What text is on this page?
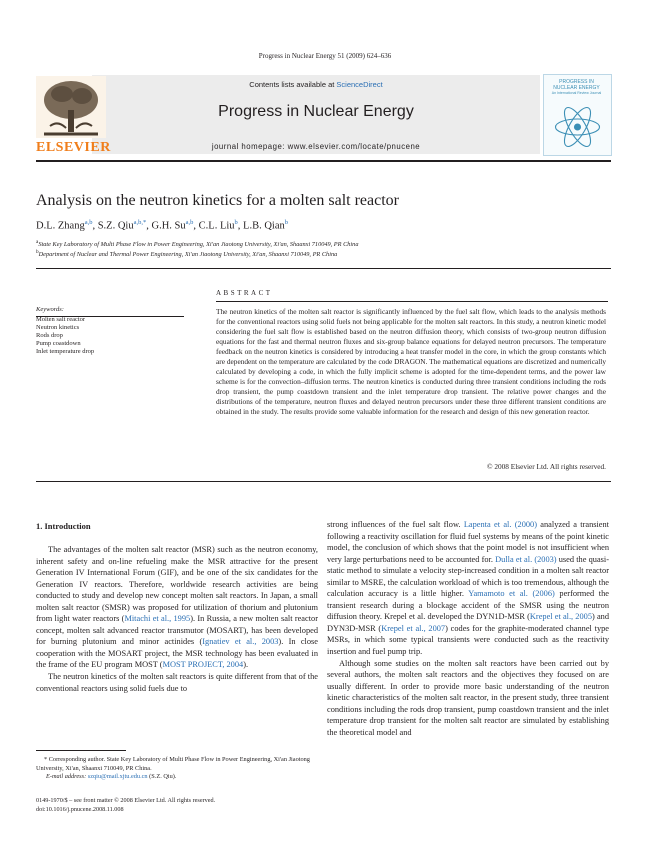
Progress in Nuclear Energy 51 (2009) 624–636
Contents lists available at ScienceDirect
Progress in Nuclear Energy
journal homepage: www.elsevier.com/locate/pnucene
ELSEVIER
PROGRESS IN
NUCLEAR ENERGY
An International Review Journal
Analysis on the neutron kinetics for a molten salt reactor
D.L. Zhang$^{a,b}$, S.Z. Qiu$^{a,b,*}$, G.H. Su$^{a,b}$, C.L. Liu$^b$, L.B. Qian$^b$
$^a$State Key Laboratory of Multi Phase Flow in Power Engineering, Xi'an Jiaotong University, Xi'an, Shaanxi 710049, PR China
$^b$Department of Nuclear and Thermal Power Engineering, Xi'an Jiaotong University, Xi'an, Shaanxi 710049, PR China
Keywords:
Molten salt reactor
Neutron kinetics
Rods drop
Pump coastdown
Inlet temperature drop
ABSTRACT
The neutron kinetics of the molten salt reactor is significantly influenced by the fuel salt flow, which leads to the analysis methods for the conventional reactors using solid fuels not being applicable for the molten salt reactors. In this study, a neutron kinetic model considering the fuel salt flow is established based on the neutron diffusion theory, which consists of two-group neutron diffusion equations for the fast and thermal neutron fluxes and six-group balance equations for delayed neutron precursors. The temperature feedback on the neutron kinetics is considered by introducing a heat transfer model in the core, in which the group constants which are dependent on the temperature are calculated by the code DRAGON. The mathematical equations are discretized and numerically calculated by developing a code, in which the fully implicit scheme is adopted for the time-dependent terms, and the power law scheme is for the convection–diffusion terms. The neutron kinetics is conducted during three transient conditions including the rods drop transient, the pump coastdown transient and the inlet temperature drop transient. The relative power changes and the distributions of the temperature, neutron fluxes and delayed neutron precursors under these three different transient conditions are obtained in the study. The results provide some valuable information for the research and design of this new generation reactor.
© 2008 Elsevier Ltd. All rights reserved.
1. Introduction

The advantages of the molten salt reactor (MSR) such as the neutron economy, inherent safety and on-line refueling make the MSR attractive for the present Generation IV International Forum (GIF), and be one of the six candidates for the Generation IV reactors. Therefore, worldwide research activities are being conducted to study and develop new concept molten salt reactors. In Japan, a small molten salt reactor (SMSR) was proposed for utilization of thorium and plutonium from light water reactors (Mitachi et al., 1995). In Russia, a new molten salt reactor concept, molten salt advanced reactor transmutor (MOSART), has been developed for burning plutonium and minor actinides (Ignatiev et al., 2003). In close cooperation with the MOSART project, the MSR technology has been evaluated in the frame of the EU program MOST (MOST PROJECT, 2004).

The neutron kinetics of the molten salt reactors is quite different from that of the conventional reactors using solid fuels due to

strong influences of the fuel salt flow. Lapenta et al. (2000) analyzed a transient following a reactivity oscillation for fluid fuel systems by means of the point kinetic model, the conclusion of which shows that the point model is not insufficient when very large perturbations need to be accounted for. Dulla et al. (2003) used the quasi-static method to simulate a velocity step-increased condition in a molten salt reactor similar to MSRE, the calculation workload of which is too tremendous, although the calculation accuracy is a little higher. Yamamoto et al. (2006) performed the transient research during a blockage accident of the SMSR using the neutron diffusion theory. Krepel et al. developed the DYN1D-MSR (Krepel et al., 2005) and DYN3D-MSR (Krepel et al., 2007) codes for the graphite-moderated channel type MSRs, in which some typical transients were conducted such as the reactivity insertion and fuel pump trip.

Although some studies on the molten salt reactors have been carried out by several authors, the molten salt reactors and the objectives they focused on are usually different. In order to provide more basic understanding of the neutron kinetic characteristics of the molten salt reactor, in the present study, three transient conditions including the rods drop transient, pump coastdown transient and the inlet temperature drop transient for the molten salt reactor are simulated by establishing the theoretical model and

* Corresponding author. State Key Laboratory of Multi Phase Flow in Power Engineering, Xi'an Jiaotong University, Xi'an, Shaanxi 710049, PR China.
E-mail address: szqiu@mail.xjtu.edu.cn (S.Z. Qiu).
0149-1970/$ – see front matter © 2008 Elsevier Ltd. All rights reserved.
doi:10.1016/j.pnucene.2008.11.008
